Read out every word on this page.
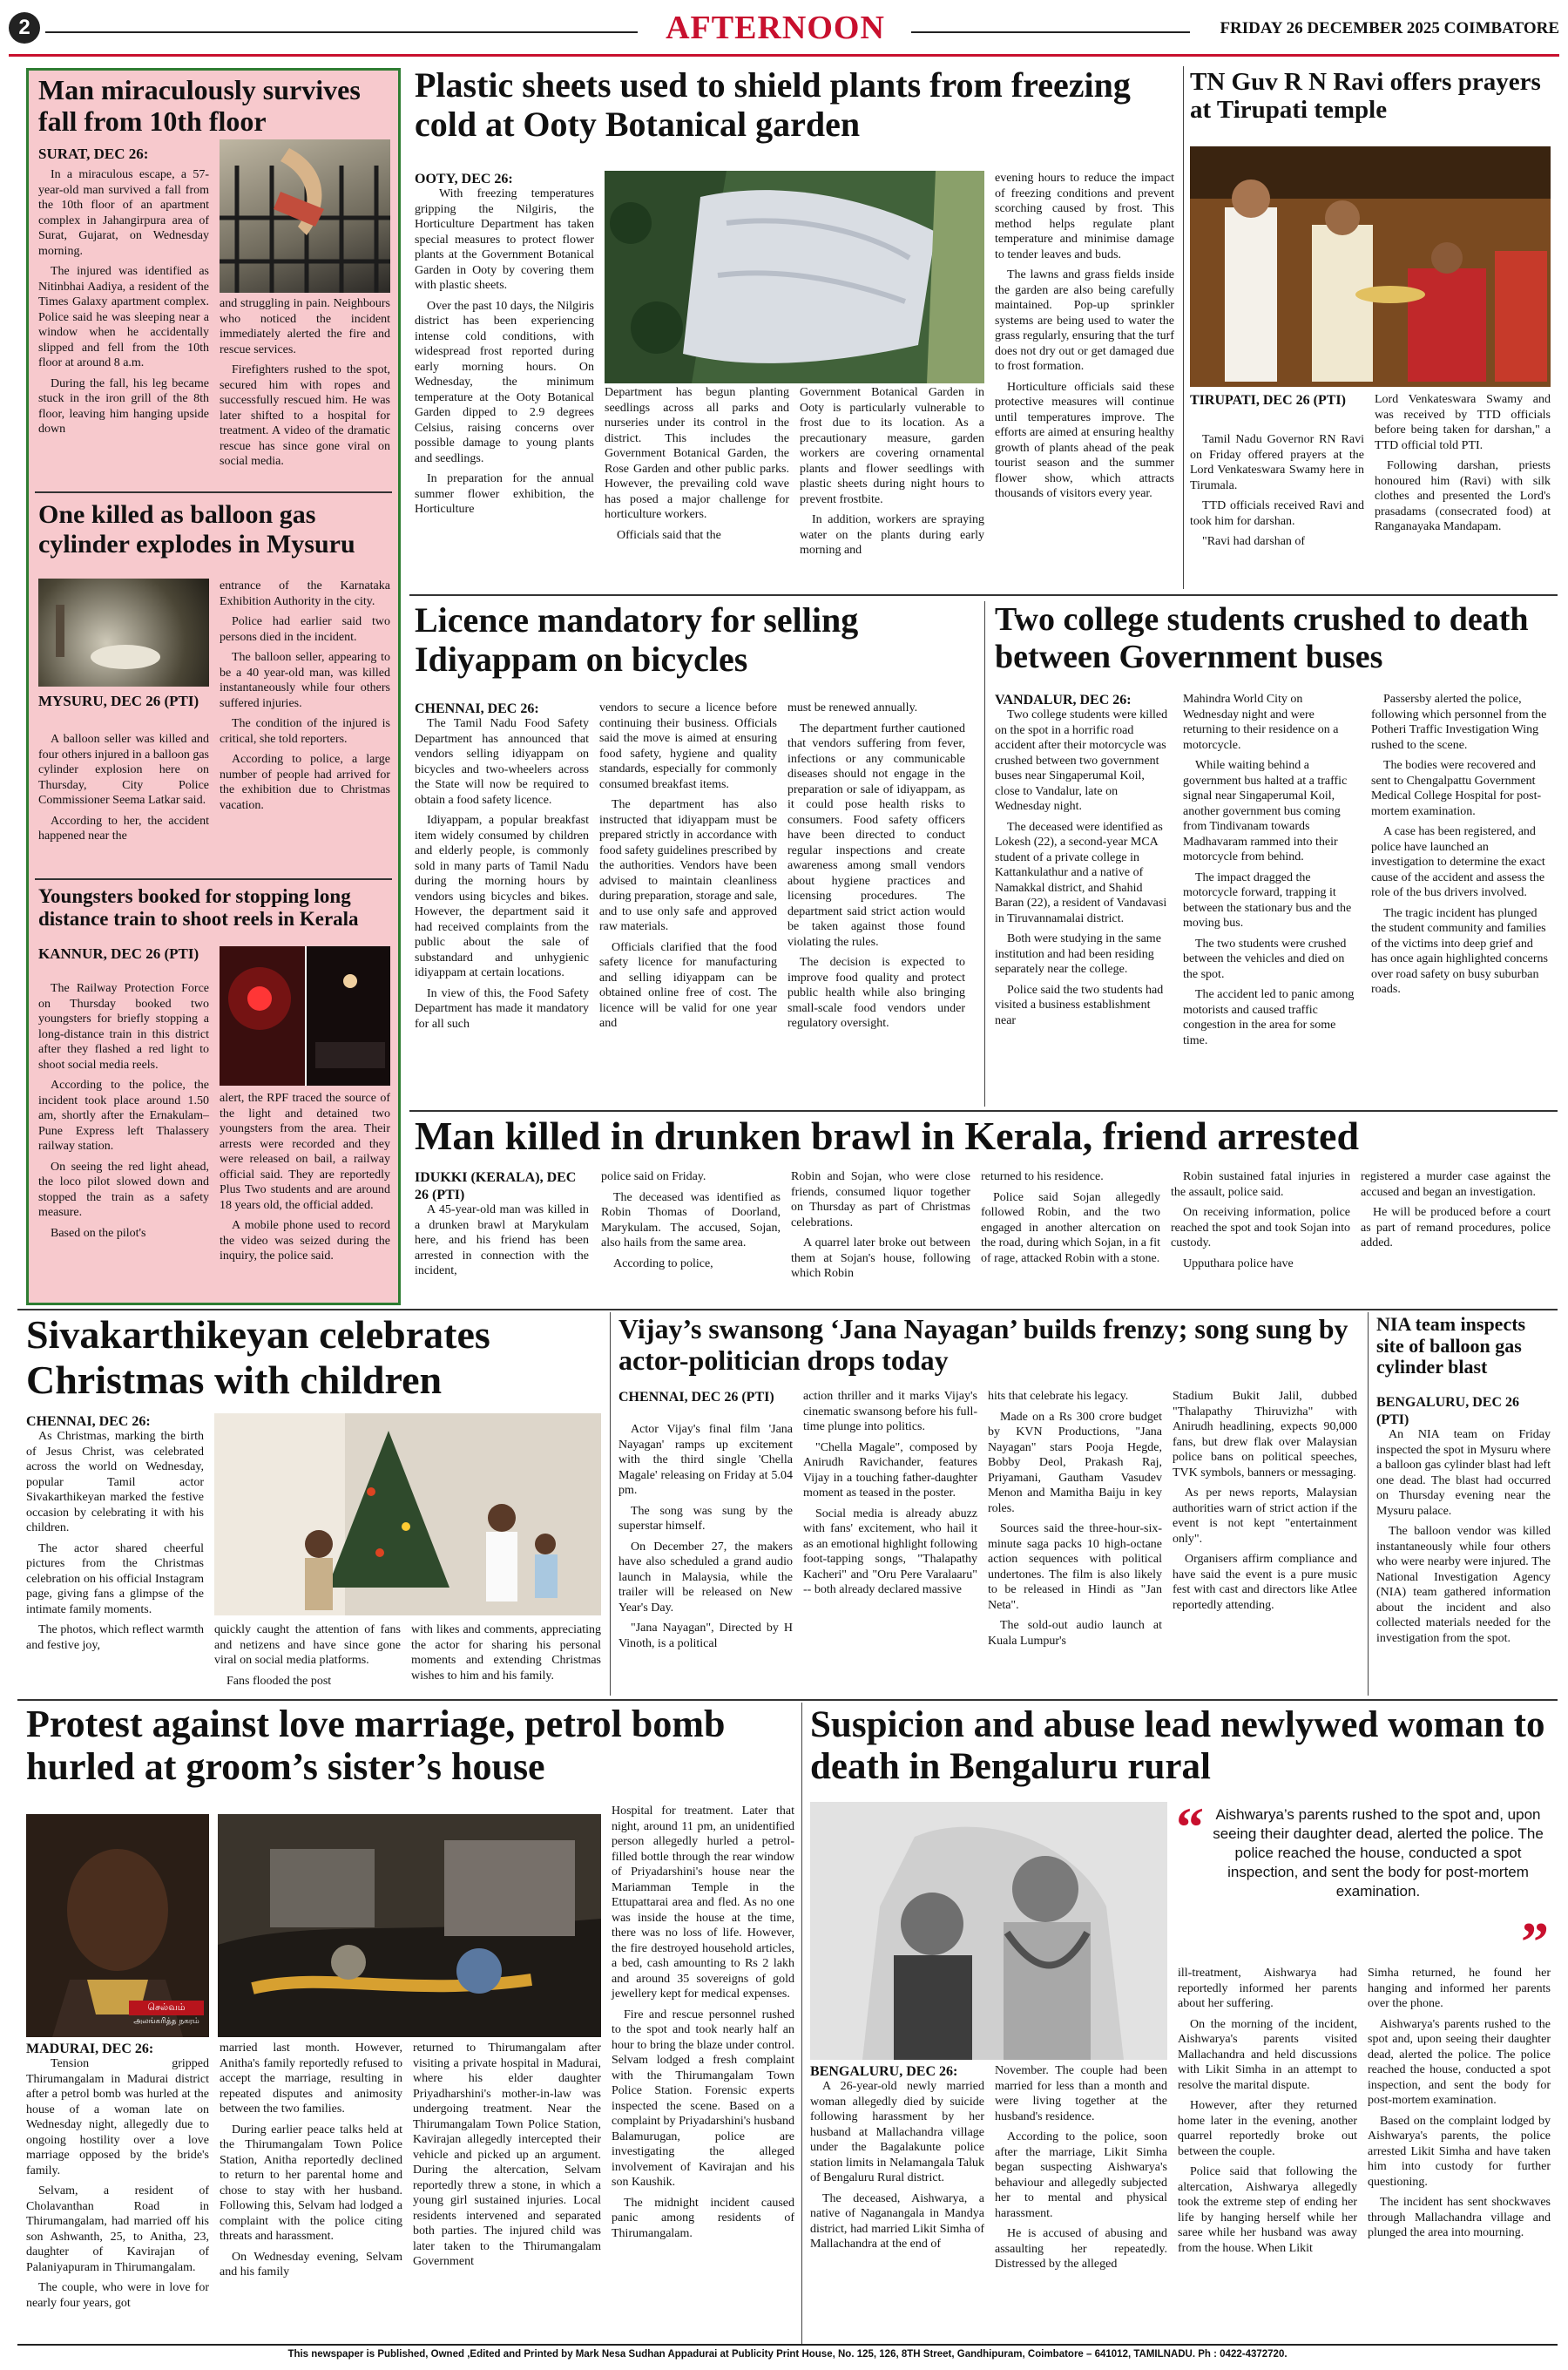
2	AFTERNOON	FRIDAY 26 DECEMBER 2025 COIMBATORE
Man miraculously survives fall from 10th floor
SURAT, DEC 26:

In a miraculous escape, a 57-year-old man survived a fall from the 10th floor of an apartment complex in Jahangirpura area of Surat, Gujarat, on Wednesday morning.

The injured was identified as Nitinbhai Aadiya, a resident of the Times Galaxy apartment complex. Police said he was sleeping near a window when he accidentally slipped and fell from the 10th floor at around 8 a.m.

During the fall, his leg became stuck in the iron grill of the 8th floor, leaving him hanging upside down

and struggling in pain. Neighbours who noticed the incident immediately alerted the fire and rescue services.

Firefighters rushed to the spot, secured him with ropes and successfully rescued him. He was later shifted to a hospital for treatment. A video of the dramatic rescue has since gone viral on social media.

One killed as balloon gas cylinder explodes in Mysuru
MYSURU, DEC 26 (PTI)

A balloon seller was killed and four others injured in a balloon gas cylinder explosion here on Thursday, City Police Commissioner Seema Latkar said.

According to her, the accident happened near the

entrance of the Karnataka Exhibition Authority in the city.

Police had earlier said two persons died in the incident.

The balloon seller, appearing to be a 40 year-old man, was killed instantaneously while four others suffered injuries.

The condition of the injured is critical, she told reporters.

According to police, a large number of people had arrived for the exhibition due to Christmas vacation.

Youngsters booked for stopping long distance train to shoot reels in Kerala
KANNUR, DEC 26 (PTI)

The Railway Protection Force on Thursday booked two youngsters for briefly stopping a long-distance train in this district after they flashed a red light to shoot social media reels.

According to the police, the incident took place around 1.50 am, shortly after the Ernakulam–Pune Express left Thalassery railway station.

On seeing the red light ahead, the loco pilot slowed down and stopped the train as a safety measure.

Based on the pilot's

alert, the RPF traced the source of the light and detained two youngsters from the area. Their arrests were recorded and they were released on bail, a railway official said. They are reportedly Plus Two students and are around 18 years old, the official added.

A mobile phone used to record the video was seized during the inquiry, the police said.

Plastic sheets used to shield plants from freezing cold at Ooty Botanical garden
OOTY, DEC 26:

With freezing temperatures gripping the Nilgiris, the Horticulture Department has taken special measures to protect flower plants at the Government Botanical Garden in Ooty by covering them with plastic sheets.

Over the past 10 days, the Nilgiris district has been experiencing intense cold conditions, with widespread frost reported during early morning hours. On Wednesday, the minimum temperature at the Ooty Botanical Garden dipped to 2.9 degrees Celsius, raising concerns over possible damage to young plants and seedlings.

In preparation for the annual summer flower exhibition, the Horticulture

Department has begun planting seedlings across all parks and nurseries under its control in the district. This includes the Government Botanical Garden, the Rose Garden and other public parks. However, the prevailing cold wave has posed a major challenge for horticulture workers.

Officials said that the

Government Botanical Garden in Ooty is particularly vulnerable to frost due to its location. As a precautionary measure, garden workers are covering ornamental plants and flower seedlings with plastic sheets during night hours to prevent frostbite.

In addition, workers are spraying water on the plants during early morning and

evening hours to reduce the impact of freezing conditions and prevent scorching caused by frost. This method helps regulate plant temperature and minimise damage to tender leaves and buds.

The lawns and grass fields inside the garden are also being carefully maintained. Pop-up sprinkler systems are being used to water the grass regularly, ensuring that the turf does not dry out or get damaged due to frost formation.

Horticulture officials said these protective measures will continue until temperatures improve. The efforts are aimed at ensuring healthy growth of plants ahead of the peak tourist season and the summer flower show, which attracts thousands of visitors every year.

TN Guv R N Ravi offers prayers at Tirupati temple
TIRUPATI, DEC 26 (PTI)

Tamil Nadu Governor RN Ravi on Friday offered prayers at the Lord Venkateswara Swamy here in Tirumala.

TTD officials received Ravi and took him for darshan.

"Ravi had darshan of

Lord Venkateswara Swamy and was received by TTD officials before being taken for darshan," a TTD official told PTI.

Following darshan, priests honoured him (Ravi) with silk clothes and presented the Lord's prasadams (consecrated food) at Ranganayaka Mandapam.

Licence mandatory for selling Idiyappam on bicycles
CHENNAI, DEC 26:

The Tamil Nadu Food Safety Department has announced that vendors selling idiyappam on bicycles and two-wheelers across the State will now be required to obtain a food safety licence.

Idiyappam, a popular breakfast item widely consumed by children and elderly people, is commonly sold in many parts of Tamil Nadu during the morning hours by vendors using bicycles and bikes. However, the department said it had received complaints from the public about the sale of substandard and unhygienic idiyappam at certain locations.

In view of this, the Food Safety Department has made it mandatory for all such

vendors to secure a licence before continuing their business. Officials said the move is aimed at ensuring food safety, hygiene and quality standards, especially for commonly consumed breakfast items.

The department has also instructed that idiyappam must be prepared strictly in accordance with food safety guidelines prescribed by the authorities. Vendors have been advised to maintain cleanliness during preparation, storage and sale, and to use only safe and approved raw materials.

Officials clarified that the food safety licence for manufacturing and selling idiyappam can be obtained online free of cost. The licence will be valid for one year and

must be renewed annually.

The department further cautioned that vendors suffering from fever, infections or any communicable diseases should not engage in the preparation or sale of idiyappam, as it could pose health risks to consumers. Food safety officers have been directed to conduct regular inspections and create awareness among small vendors about hygiene practices and licensing procedures. The department said strict action would be taken against those found violating the rules.

The decision is expected to improve food quality and protect public health while also bringing small-scale food vendors under regulatory oversight.

Two college students crushed to death between Government buses
VANDALUR, DEC 26:

Two college students were killed on the spot in a horrific road accident after their motorcycle was crushed between two government buses near Singaperumal Koil, close to Vandalur, late on Wednesday night.

The deceased were identified as Lokesh (22), a second-year MCA student of a private college in Kattankulathur and a native of Namakkal district, and Shahid Baran (22), a resident of Vandavasi in Tiruvannamalai district.

Both were studying in the same institution and had been residing separately near the college.

Police said the two students had visited a business establishment near

Mahindra World City on Wednesday night and were returning to their residence on a motorcycle.

While waiting behind a government bus halted at a traffic signal near Singaperumal Koil, another government bus coming from Tindivanam towards Madhavaram rammed into their motorcycle from behind.

The impact dragged the motorcycle forward, trapping it between the stationary bus and the moving bus.

The two students were crushed between the vehicles and died on the spot.

The accident led to panic among motorists and caused traffic congestion in the area for some time.

Passersby alerted the police, following which personnel from the Potheri Traffic Investigation Wing rushed to the scene.

The bodies were recovered and sent to Chengalpattu Government Medical College Hospital for post-mortem examination.

A case has been registered, and police have launched an investigation to determine the exact cause of the accident and assess the role of the bus drivers involved.

The tragic incident has plunged the student community and families of the victims into deep grief and has once again highlighted concerns over road safety on busy suburban roads.

Man killed in drunken brawl in Kerala, friend arrested
IDUKKI (KERALA), DEC 26 (PTI)

A 45-year-old man was killed in a drunken brawl at Marykulam here, and his friend has been arrested in connection with the incident,

police said on Friday.

The deceased was identified as Robin Thomas of Doorland, Marykulam. The accused, Sojan, also hails from the same area.

According to police,

Robin and Sojan, who were close friends, consumed liquor together on Thursday as part of Christmas celebrations.

A quarrel later broke out between them at Sojan's house, following which Robin

returned to his residence.

Police said Sojan allegedly followed Robin, and the two engaged in another altercation on the road, during which Sojan, in a fit of rage, attacked Robin with a stone.

Robin sustained fatal injuries in the assault, police said.

On receiving information, police reached the spot and took Sojan into custody.

Upputhara police have

registered a murder case against the accused and began an investigation.

He will be produced before a court as part of remand procedures, police added.

Sivakarthikeyan celebrates Christmas with children
CHENNAI, DEC 26:

As Christmas, marking the birth of Jesus Christ, was celebrated across the world on Wednesday, popular Tamil actor Sivakarthikeyan marked the festive occasion by celebrating it with his children.

The actor shared cheerful pictures from the Christmas celebration on his official Instagram page, giving fans a glimpse of the intimate family moments.

The photos, which reflect warmth and festive joy,

quickly caught the attention of fans and netizens and have since gone viral on social media platforms.

Fans flooded the post

with likes and comments, appreciating the actor for sharing his personal moments and extending Christmas wishes to him and his family.

Vijay’s swansong ‘Jana Nayagan’ builds frenzy; song sung by actor-politician drops today
CHENNAI, DEC 26 (PTI)

Actor Vijay's final film 'Jana Nayagan' ramps up excitement with the third single 'Chella Magale' releasing on Friday at 5.04 pm.

The song was sung by the superstar himself.

On December 27, the makers have also scheduled a grand audio launch in Malaysia, while the trailer will be released on New Year's Day.

"Jana Nayagan", Directed by H Vinoth, is a political

action thriller and it marks Vijay's cinematic swansong before his full-time plunge into politics.

"Chella Magale", composed by Anirudh Ravichander, features Vijay in a touching father-daughter moment as teased in the poster.

Social media is already abuzz with fans' excitement, who hail it as an emotional highlight following foot-tapping songs, "Thalapathy Kacheri" and "Oru Pere Varalaaru" -- both already declared massive

hits that celebrate his legacy.

Made on a Rs 300 crore budget by KVN Productions, "Jana Nayagan" stars Pooja Hegde, Bobby Deol, Prakash Raj, Priyamani, Gautham Vasudev Menon and Mamitha Baiju in key roles.

Sources said the three-hour-six-minute saga packs 10 high-octane action sequences with political undertones. The film is also likely to be released in Hindi as "Jan Neta".

The sold-out audio launch at Kuala Lumpur's

Stadium Bukit Jalil, dubbed "Thalapathy Thiruvizha" with Anirudh headlining, expects 90,000 fans, but drew flak over Malaysian police bans on political speeches, TVK symbols, banners or messaging.

As per news reports, Malaysian authorities warn of strict action if the event is not kept "entertainment only".

Organisers affirm compliance and have said the event is a pure music fest with cast and directors like Atlee reportedly attending.

NIA team inspects site of balloon gas cylinder blast
BENGALURU, DEC 26 (PTI)

An NIA team on Friday inspected the spot in Mysuru where a balloon gas cylinder blast had left one dead. The blast had occurred on Thursday evening near the Mysuru palace.

The balloon vendor was killed instantaneously while four others who were nearby were injured. The National Investigation Agency (NIA) team gathered information about the incident and also collected materials needed for the investigation from the spot.

Protest against love marriage, petrol bomb hurled at groom’s sister’s house
செல்வம்
அலங்கரித்த நகரம்
MADURAI, DEC 26:

Tension gripped Thirumangalam in Madurai district after a petrol bomb was hurled at the house of a woman late on Wednesday night, allegedly due to ongoing hostility over a love marriage opposed by the bride's family.

Selvam, a resident of Cholavanthan Road in Thirumangalam, had married off his son Ashwanth, 25, to Anitha, 23, daughter of Kavirajan of Palaniyapuram in Thirumangalam.

The couple, who were in love for nearly four years, got

married last month. However, Anitha's family reportedly refused to accept the marriage, resulting in repeated disputes and animosity between the two families.

During earlier peace talks held at the Thirumangalam Town Police Station, Anitha reportedly declined to return to her parental home and chose to stay with her husband. Following this, Selvam had lodged a complaint with the police citing threats and harassment.

On Wednesday evening, Selvam and his family

returned to Thirumangalam after visiting a private hospital in Madurai, where his elder daughter Priyadharshini's mother-in-law was undergoing treatment. Near the Thirumangalam Town Police Station, Kavirajan allegedly intercepted their vehicle and picked up an argument. During the altercation, Selvam reportedly threw a stone, in which a young girl sustained injuries. Local residents intervened and separated both parties. The injured child was later taken to the Thirumangalam Government

Hospital for treatment. Later that night, around 11 pm, an unidentified person allegedly hurled a petrol-filled bottle through the rear window of Priyadarshini's house near the Mariamman Temple in the Ettupattarai area and fled. As no one was inside the house at the time, there was no loss of life. However, the fire destroyed household articles, a bed, cash amounting to Rs 2 lakh and around 35 sovereigns of gold jewellery kept for medical expenses.

Fire and rescue personnel rushed to the spot and took nearly half an hour to bring the blaze under control. Selvam lodged a fresh complaint with the Thirumangalam Town Police Station. Forensic experts inspected the scene. Based on a complaint by Priyadarshini's husband Balamurugan, police are investigating the alleged involvement of Kavirajan and his son Kaushik.

The midnight incident caused panic among residents of Thirumangalam.

Suspicion and abuse lead newlywed woman to death in Bengaluru rural
“ Aishwarya’s parents rushed to the spot and, upon seeing their daughter dead, alerted the police. The police reached the house, conducted a spot inspection, and sent the body for post-mortem examination.
”
BENGALURU, DEC 26:

A 26-year-old newly married woman allegedly died by suicide following harassment by her husband at Mallachandra village under the Bagalakunte police station limits in Nelamangala Taluk of Bengaluru Rural district.

The deceased, Aishwarya, a native of Naganangala in Mandya district, had married Likit Simha of Mallachandra at the end of

November. The couple had been married for less than a month and were living together at the husband's residence.

According to the police, soon after the marriage, Likit Simha began suspecting Aishwarya's behaviour and allegedly subjected her to mental and physical harassment.

He is accused of abusing and assaulting her repeatedly. Distressed by the alleged

ill-treatment, Aishwarya had reportedly informed her parents about her suffering.

On the morning of the incident, Aishwarya's parents visited Mallachandra and held discussions with Likit Simha in an attempt to resolve the marital dispute.

However, after they returned home later in the evening, another quarrel reportedly broke out between the couple.

Police said that following the altercation, Aishwarya allegedly took the extreme step of ending her life by hanging herself while her saree while her husband was away from the house. When Likit

Simha returned, he found her hanging and informed her parents over the phone.

Aishwarya's parents rushed to the spot and, upon seeing their daughter dead, alerted the police. The police reached the house, conducted a spot inspection, and sent the body for post-mortem examination.

Based on the complaint lodged by Aishwarya's parents, the police arrested Likit Simha and have taken him into custody for further questioning.

The incident has sent shockwaves through Mallachandra village and plunged the area into mourning.

This newspaper is Published, Owned ,Edited and Printed by Mark Nesa Sudhan Appadurai at Publicity Print House, No. 125, 126, 8TH Street, Gandhipuram, Coimbatore – 641012, TAMILNADU. Ph : 0422-4372720.
